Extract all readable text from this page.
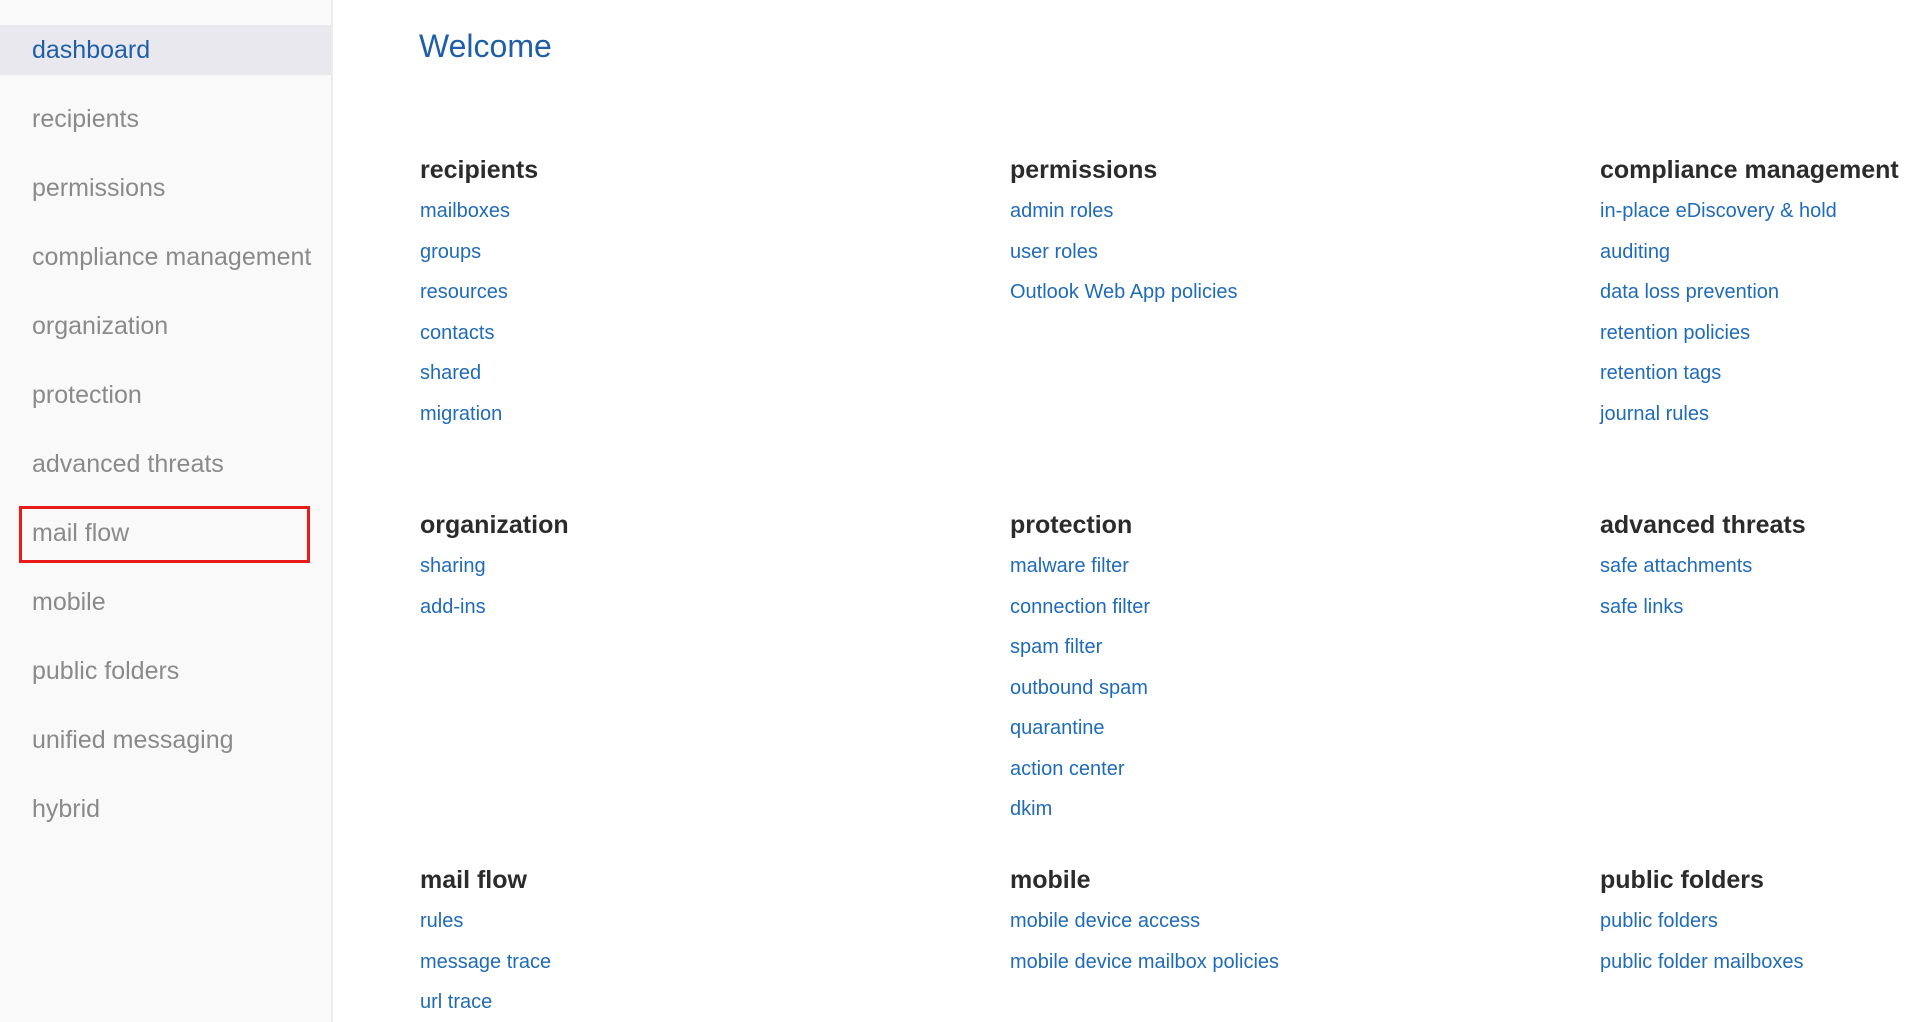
dashboard
recipients
permissions
compliance management
organization
protection
advanced threats
mail flow
mobile
public folders
unified messaging
hybrid
Welcome
recipients
mailboxes
groups
resources
contacts
shared
migration
permissions
admin roles
user roles
Outlook Web App policies
compliance management
in-place eDiscovery & hold
auditing
data loss prevention
retention policies
retention tags
journal rules
organization
sharing
add-ins
protection
malware filter
connection filter
spam filter
outbound spam
quarantine
action center
dkim
advanced threats
safe attachments
safe links
mail flow
rules
message trace
url trace
mobile
mobile device access
mobile device mailbox policies
public folders
public folders
public folder mailboxes
